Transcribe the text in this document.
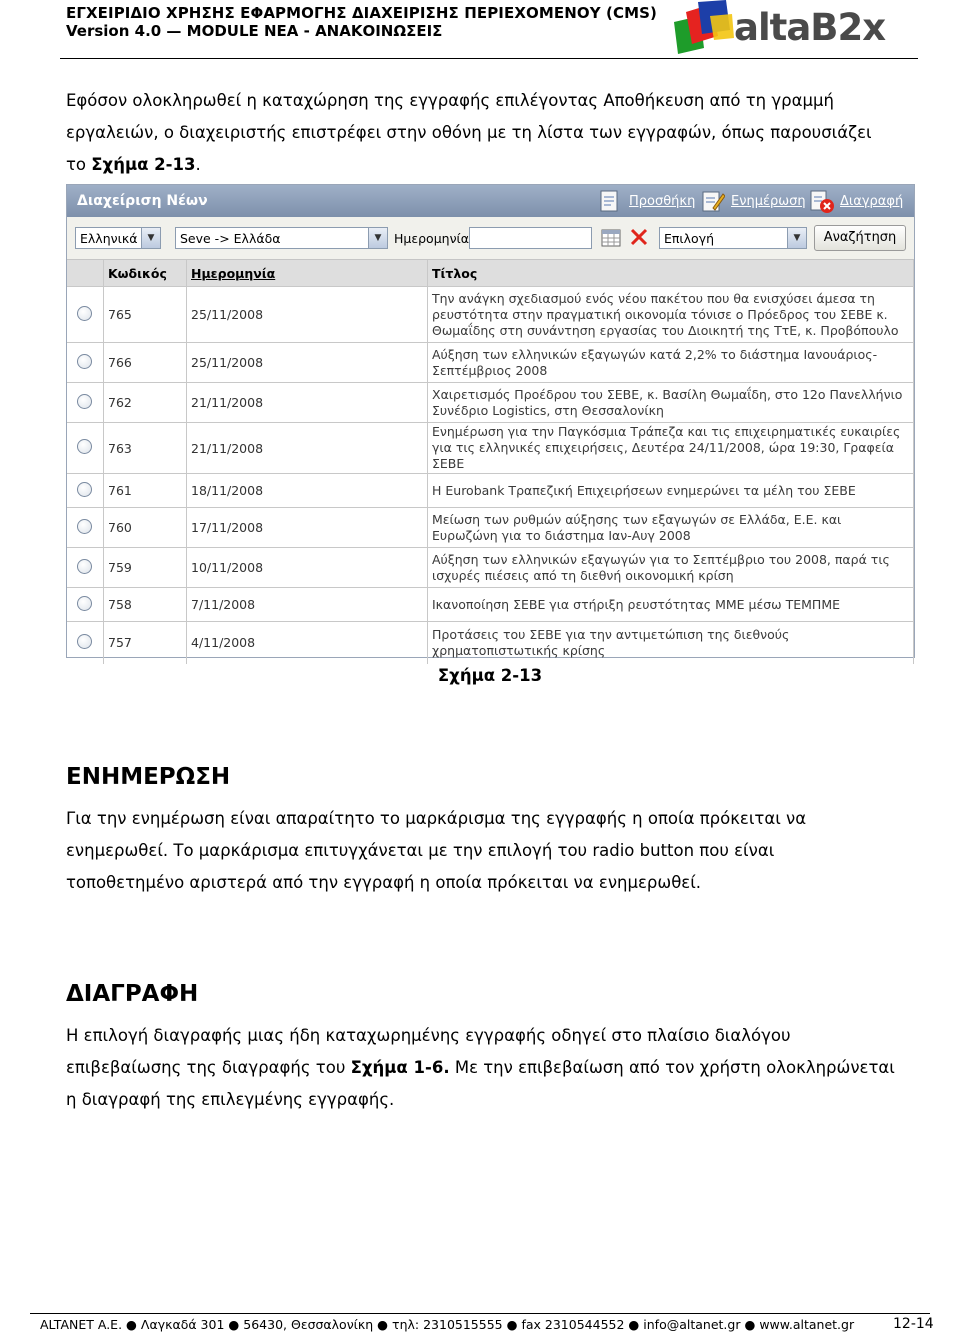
ΕΓΧΕΙΡΙΔΙΟ ΧΡΗΣΗΣ ΕΦΑΡΜΟΓΗΣ ΔΙΑΧΕΙΡΙΣΗΣ ΠΕΡΙΕΧΟΜΕΝΟΥ (CMS)
Version 4.0 — MODULE ΝΕΑ - ΑΝΑΚΟΙΝΩΣΕΙΣ	altaB2x
Εφόσον ολοκληρωθεί η καταχώρηση της εγγραφής επιλέγοντας Αποθήκευση από τη γραμμή εργαλειών, ο διαχειριστής επιστρέφει στην οθόνη με τη λίστα των εγγραφών, όπως παρουσιάζει το Σχήμα 2-13.
Διαχείριση Νέων	Προσθήκη	Ενημέρωση	Διαγραφή
Ελληνικά	▼	Seve -> Ελλάδα	▼	Ημερομηνία	Επιλογή	▼	Αναζήτηση
	Κωδικός	Ημερομηνία	Τίτλος
	765	25/11/2008	Την ανάγκη σχεδιασμού ενός νέου πακέτου που θα ενισχύσει άμεσα τη ρευστότητα στην πραγματική οικονομία τόνισε ο Πρόεδρος του ΣΕΒΕ κ. Θωμαΐδης στη συνάντηση εργασίας του Διοικητή της ΤτΕ, κ. Προβόπουλο
	766	25/11/2008	Αύξηση των ελληνικών εξαγωγών κατά 2,2% το διάστημα Ιανουάριος-Σεπτέμβριος 2008
	762	21/11/2008	Χαιρετισμός Προέδρου του ΣΕΒΕ, κ. Βασίλη Θωμαΐδη, στο 12ο Πανελλήνιο Συνέδριο Logistics, στη Θεσσαλονίκη
	763	21/11/2008	Ενημέρωση για την Παγκόσμια Τράπεζα και τις επιχειρηματικές ευκαιρίες για τις ελληνικές επιχειρήσεις, Δευτέρα 24/11/2008, ώρα 19:30, Γραφεία ΣΕΒΕ
	761	18/11/2008	Η Eurobank Τραπεζική Επιχειρήσεων ενημερώνει τα μέλη του ΣΕΒΕ
	760	17/11/2008	Μείωση των ρυθμών αύξησης των εξαγωγών σε Ελλάδα, Ε.Ε. και Ευρωζώνη για το διάστημα Ιαν-Αυγ 2008
	759	10/11/2008	Αύξηση των ελληνικών εξαγωγών για το Σεπτέμβριο του 2008, παρά τις ισχυρές πιέσεις από τη διεθνή οικονομική κρίση
	758	7/11/2008	Ικανοποίηση ΣΕΒΕ για στήριξη ρευστότητας ΜΜΕ μέσω ΤΕΜΠΜΕ
	757	4/11/2008	Προτάσεις του ΣΕΒΕ για την αντιμετώπιση της διεθνούς χρηματοπιστωτικής κρίσης
Σχήμα 2-13
ΕΝΗΜΕΡΩΣΗ
Για την ενημέρωση είναι απαραίτητο το μαρκάρισμα της εγγραφής η οποία πρόκειται να ενημερωθεί. Το μαρκάρισμα επιτυγχάνεται με την επιλογή του radio button που είναι τοποθετημένο αριστερά από την εγγραφή η οποία πρόκειται να ενημερωθεί.
ΔΙΑΓΡΑΦΗ
Η επιλογή διαγραφής μιας ήδη καταχωρημένης εγγραφής οδηγεί στο πλαίσιο διαλόγου επιβεβαίωσης της διαγραφής του Σχήμα 1-6. Με την επιβεβαίωση από τον χρήστη ολοκληρώνεται η διαγραφή της επιλεγμένης εγγραφής.
ALTANET A.E. ● Λαγκαδά 301 ● 56430, Θεσσαλονίκη ● τηλ: 2310515555 ● fax 2310544552 ● info@altanet.gr ● www.altanet.gr	12-14
